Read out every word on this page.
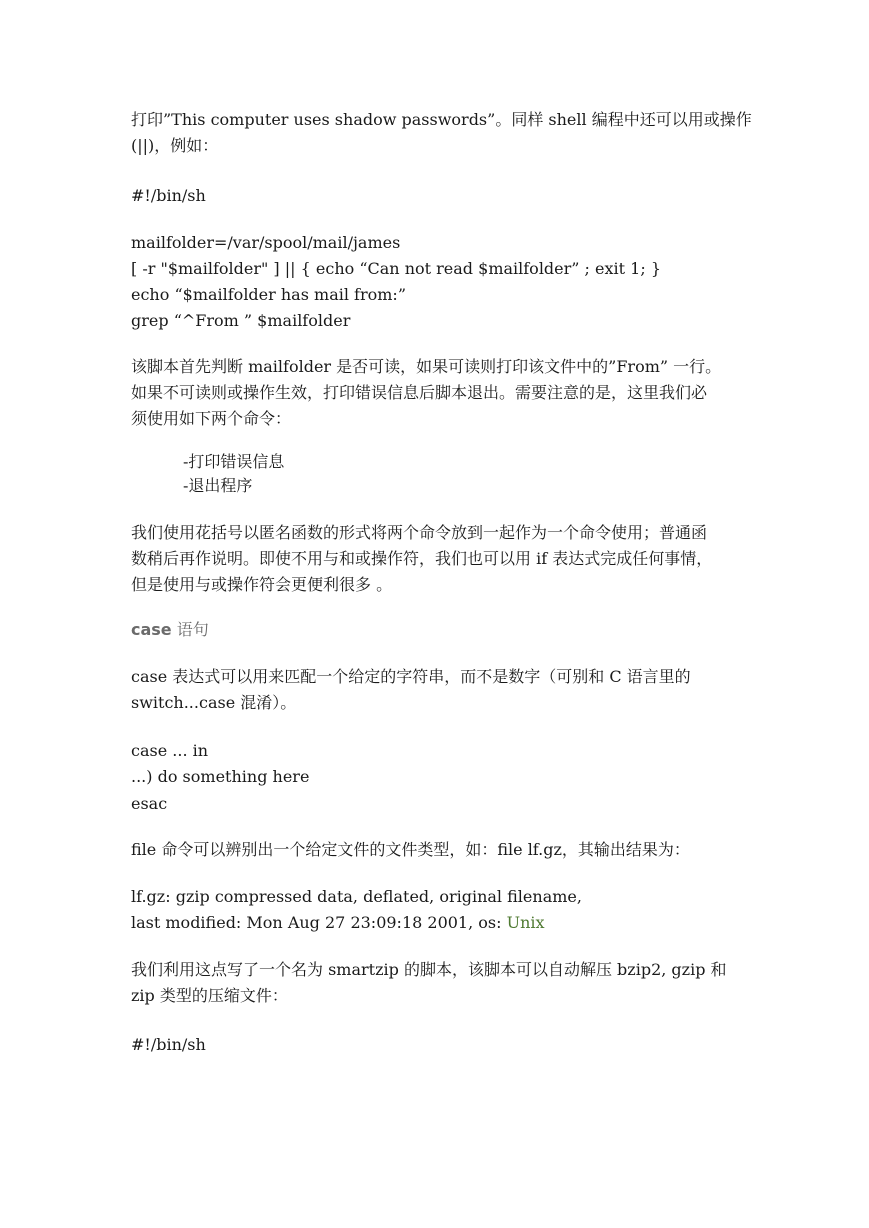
打印”This computer uses shadow passwords”。同样 shell 编程中还可以用或操作
(||)，例如：
#!/bin/sh
mailfolder=/var/spool/mail/james
[ -r "$mailfolder" ] || { echo “Can not read $mailfolder” ; exit 1; }
echo “$mailfolder has mail from:”
grep “^From ” $mailfolder
该脚本首先判断 mailfolder 是否可读，如果可读则打印该文件中的”From” 一行。
如果不可读则或操作生效，打印错误信息后脚本退出。需要注意的是，这里我们必
须使用如下两个命令：
-打印错误信息
-退出程序
我们使用花括号以匿名函数的形式将两个命令放到一起作为一个命令使用；普通函
数稍后再作说明。即使不用与和或操作符，我们也可以用 if 表达式完成任何事情，
但是使用与或操作符会更便利很多 。
case 语句
case 表达式可以用来匹配一个给定的字符串，而不是数字（可别和 C 语言里的
switch...case 混淆）。
case ... in
...) do something here
esac
file 命令可以辨别出一个给定文件的文件类型，如：file lf.gz，其输出结果为：
lf.gz: gzip compressed data, deflated, original filename,
last modified: Mon Aug 27 23:09:18 2001, os: Unix
我们利用这点写了一个名为 smartzip 的脚本，该脚本可以自动解压 bzip2, gzip 和
zip 类型的压缩文件：
#!/bin/sh
